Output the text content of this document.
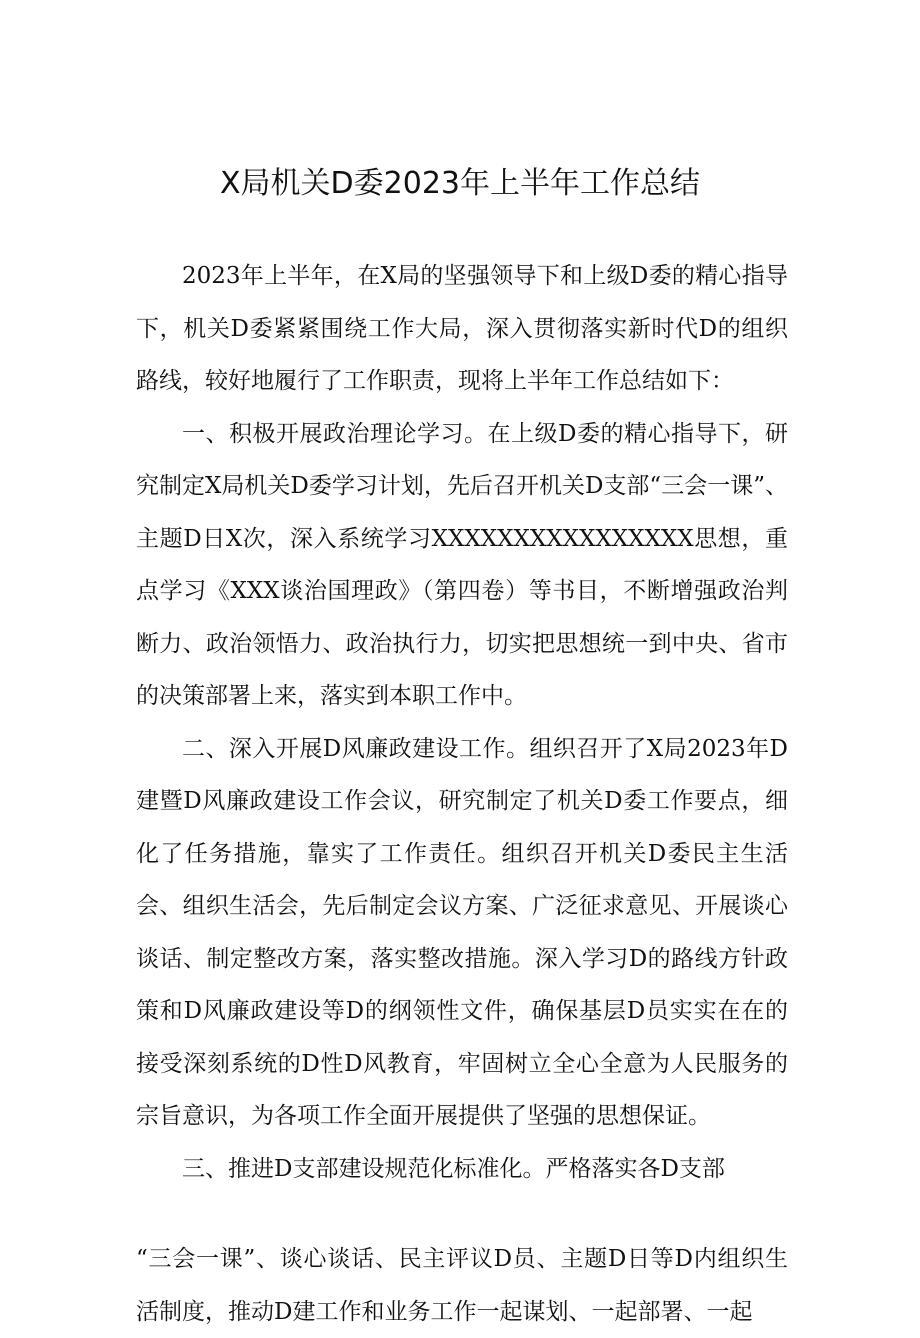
X局机关D委2023年上半年工作总结

2023年上半年，在X局的坚强领导下和上级D委的精心指导下，机关D委紧紧围绕工作大局，深入贯彻落实新时代D的组织路线，较好地履行了工作职责，现将上半年工作总结如下：

一、积极开展政治理论学习。在上级D委的精心指导下，研究制定X局机关D委学习计划，先后召开机关D支部“三会一课”、主题D日X次，深入系统学习XXXXXXXXXXXXXXXX思想，重点学习《XXX谈治国理政》（第四卷）等书目，不断增强政治判断力、政治领悟力、政治执行力，切实把思想统一到中央、省市的决策部署上来，落实到本职工作中。

二、深入开展D风廉政建设工作。组织召开了X局2023年D建暨D风廉政建设工作会议，研究制定了机关D委工作要点，细化了任务措施，靠实了工作责任。组织召开机关D委民主生活会、组织生活会，先后制定会议方案、广泛征求意见、开展谈心谈话、制定整改方案，落实整改措施。深入学习D的路线方针政策和D风廉政建设等D的纲领性文件，确保基层D员实实在在的接受深刻系统的D性D风教育，牢固树立全心全意为人民服务的宗旨意识，为各项工作全面开展提供了坚强的思想保证。

三、推进D支部建设规范化标准化。严格落实各D支部

“三会一课”、谈心谈话、民主评议D员、主题D日等D内组织生活制度，推动D建工作和业务工作一起谋划、一起部署、一起
